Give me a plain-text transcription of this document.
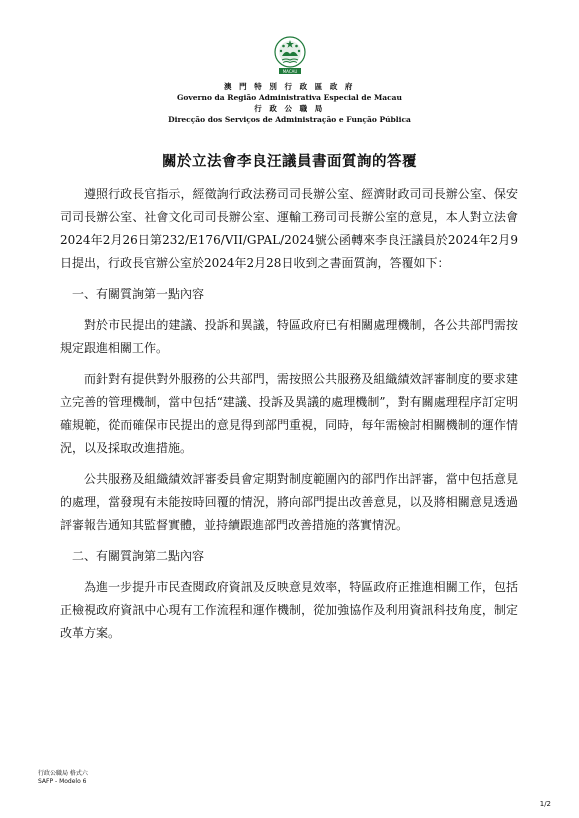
MACAU
澳 門 特 別 行 政 區 政 府
Governo da Região Administrativa Especial de Macau
行 政 公 職 局
Direcção dos Serviços de Administração e Função Pública
關於立法會李良汪議員書面質詢的答覆

遵照行政長官指示，經徵詢行政法務司司長辦公室、經濟財政司司長辦公室、保安司司長辦公室、社會文化司司長辦公室、運輸工務司司長辦公室的意見，本人對立法會2024年2月26日第232/E176/VII/GPAL/2024號公函轉來李良汪議員於2024年2月9日提出，行政長官辦公室於2024年2月28日收到之書面質詢，答覆如下：

一、有關質詢第一點內容

對於市民提出的建議、投訴和異議，特區政府已有相關處理機制，各公共部門需按規定跟進相關工作。

而針對有提供對外服務的公共部門，需按照公共服務及組織績效評審制度的要求建立完善的管理機制，當中包括“建議、投訴及異議的處理機制”，對有關處理程序訂定明確規範，從而確保市民提出的意見得到部門重視，同時，每年需檢討相關機制的運作情況，以及採取改進措施。

公共服務及組織績效評審委員會定期對制度範圍內的部門作出評審，當中包括意見的處理，當發現有未能按時回覆的情況，將向部門提出改善意見，以及將相關意見透過評審報告通知其監督實體，並持續跟進部門改善措施的落實情況。

二、有關質詢第二點內容

為進一步提升市民查閱政府資訊及反映意見效率，特區政府正推進相關工作，包括正檢視政府資訊中心現有工作流程和運作機制，從加強協作及利用資訊科技角度，制定改革方案。

行政公職局 格式六
SAFP - Modelo 6
1/2
